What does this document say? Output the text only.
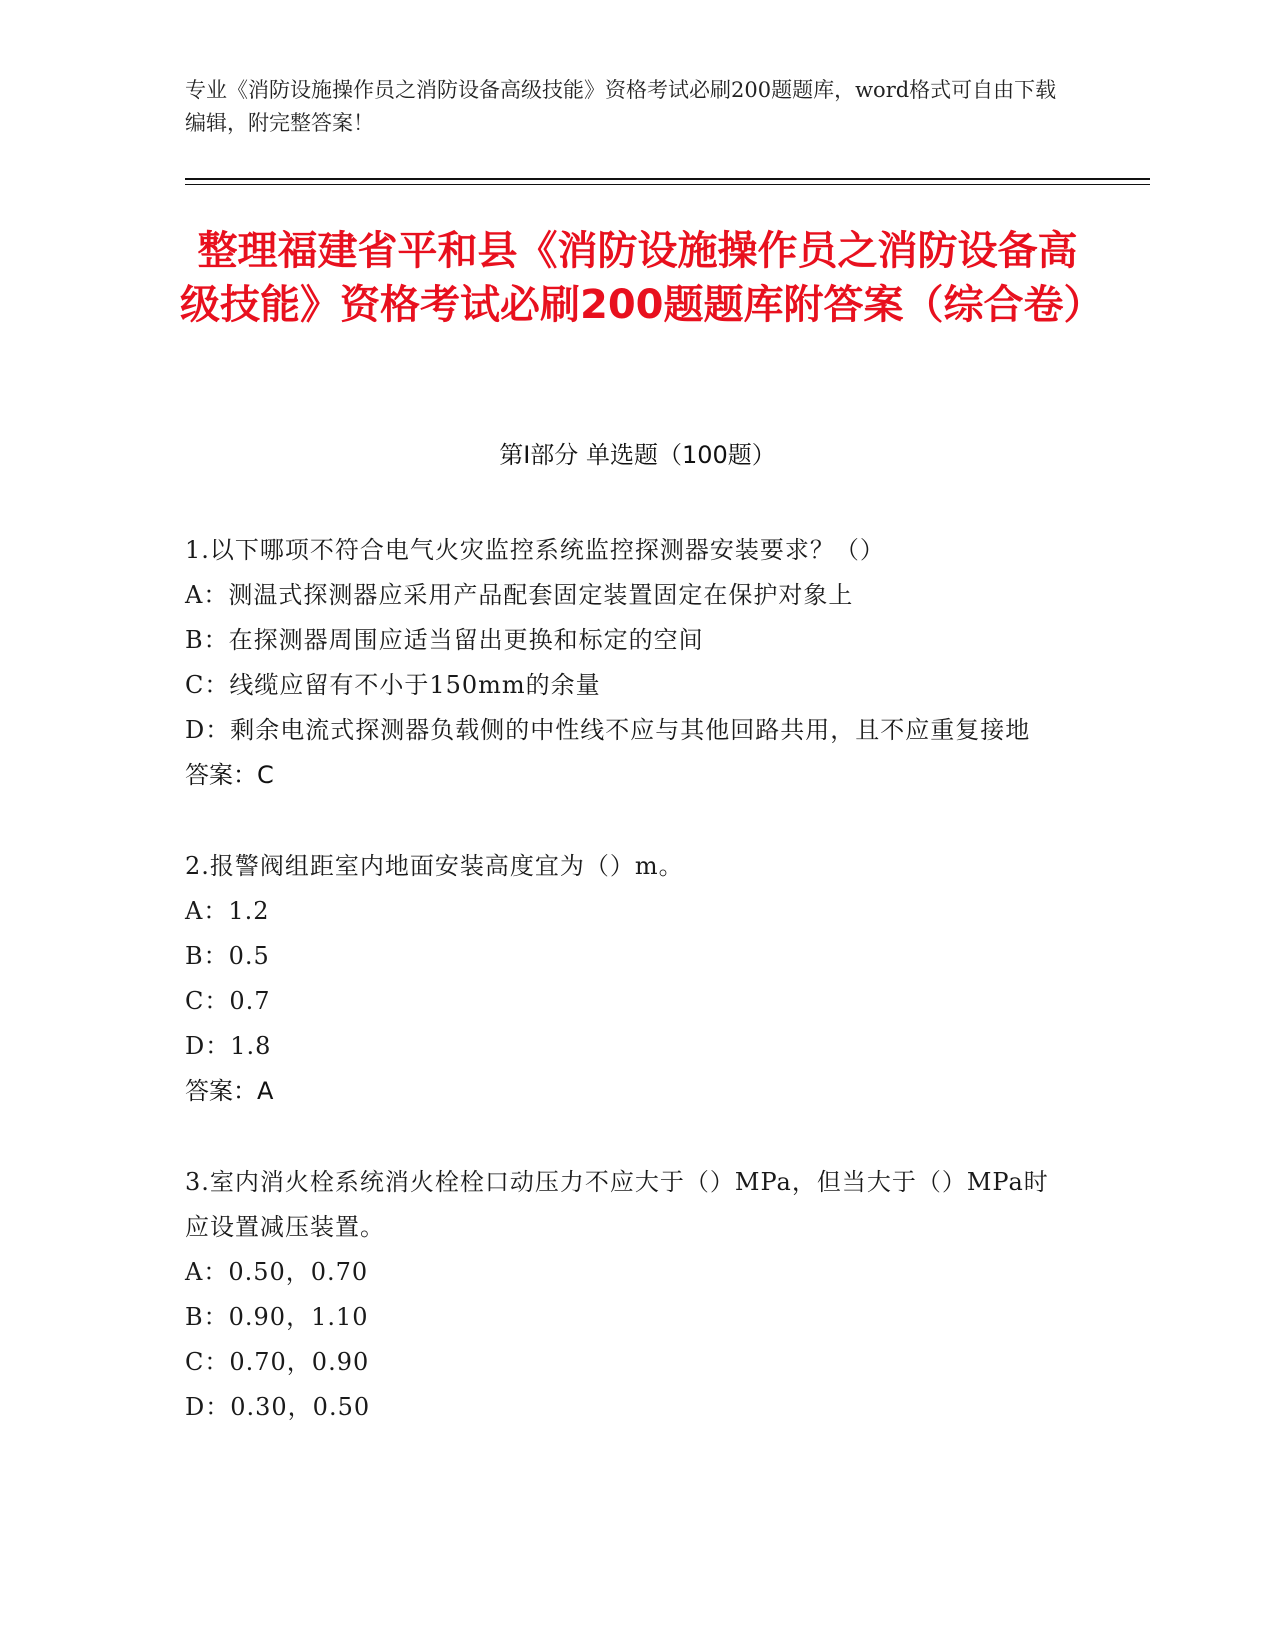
专业《消防设施操作员之消防设备高级技能》资格考试必刷200题题库，word格式可自由下载编辑，附完整答案！
整理福建省平和县《消防设施操作员之消防设备高级技能》资格考试必刷200题题库附答案（综合卷）
第Ⅰ部分 单选题（100题）
1.以下哪项不符合电气火灾监控系统监控探测器安装要求？（）
A：测温式探测器应采用产品配套固定装置固定在保护对象上
B：在探测器周围应适当留出更换和标定的空间
C：线缆应留有不小于150mm的余量
D：剩余电流式探测器负载侧的中性线不应与其他回路共用，且不应重复接地
答案：C
2.报警阀组距室内地面安装高度宜为（）m。
A：1.2
B：0.5
C：0.7
D：1.8
答案：A
3.室内消火栓系统消火栓栓口动压力不应大于（）MPa，但当大于（）MPa时应设置减压装置。
A：0.50，0.70
B：0.90，1.10
C：0.70，0.90
D：0.30，0.50
